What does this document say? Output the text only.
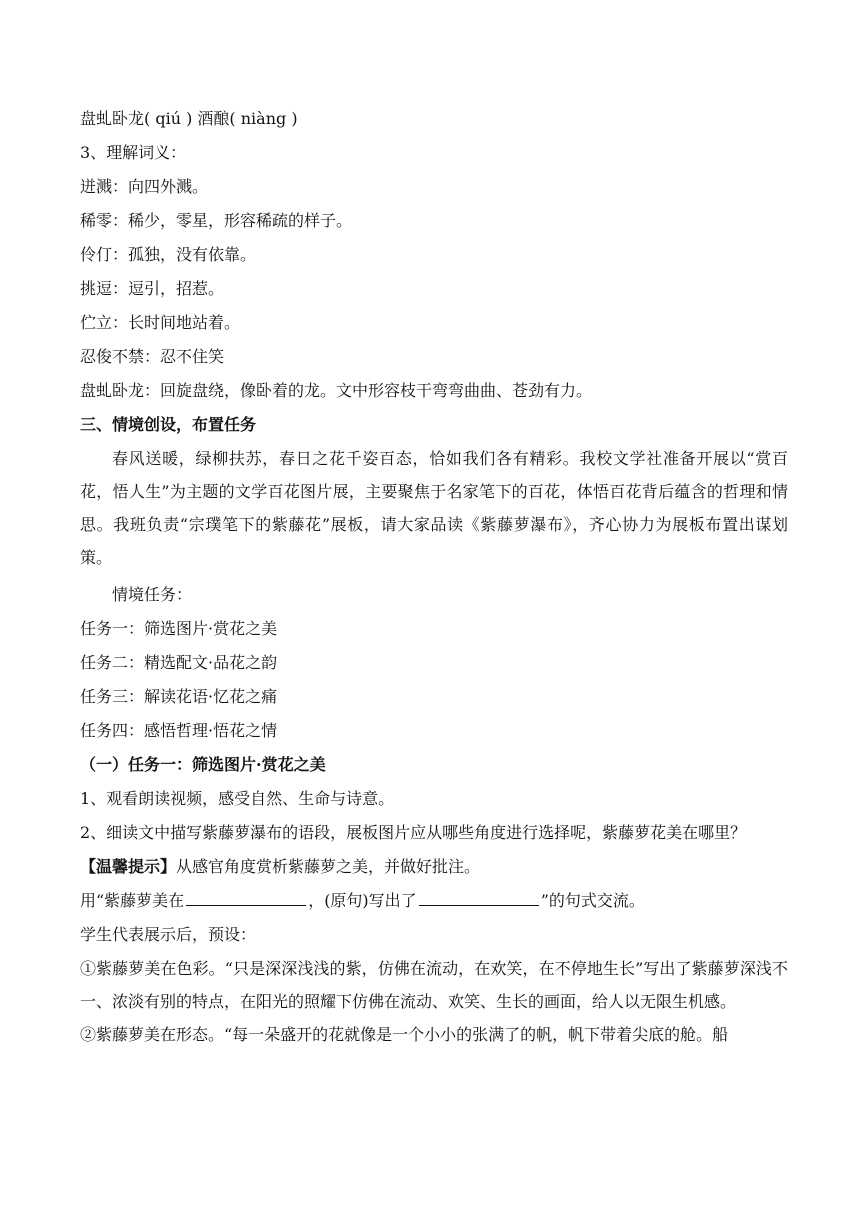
盘虬卧龙( qiú ) 酒酿( niàng )
3、理解词义：
迸溅：向四外溅。
稀零：稀少，零星，形容稀疏的样子。
伶仃：孤独，没有依靠。
挑逗：逗引，招惹。
伫立：长时间地站着。
忍俊不禁：忍不住笑
盘虬卧龙：回旋盘绕，像卧着的龙。文中形容枝干弯弯曲曲、苍劲有力。
三、情境创设，布置任务

春风送暖，绿柳扶苏，春日之花千姿百态，恰如我们各有精彩。我校文学社准备开展以“赏百花，悟人生”为主题的文学百花图片展，主要聚焦于名家笔下的百花，体悟百花背后蕴含的哲理和情思。我班负责“宗璞笔下的紫藤花”展板，请大家品读《紫藤萝瀑布》，齐心协力为展板布置出谋划策。

情境任务：
任务一：筛选图片·赏花之美
任务二：精选配文·品花之韵
任务三：解读花语·忆花之痛
任务四：感悟哲理·悟花之情
（一）任务一：筛选图片·赏花之美
1、观看朗读视频，感受自然、生命与诗意。
2、细读文中描写紫藤萝瀑布的语段，展板图片应从哪些角度进行选择呢，紫藤萝花美在哪里？
【温馨提示】从感官角度赏析紫藤萝之美，并做好批注。
用“紫藤萝美在	，(原句)写出了	”的句式交流。
学生代表展示后，预设：

①紫藤萝美在色彩。“只是深深浅浅的紫，仿佛在流动，在欢笑，在不停地生长”写出了紫藤萝深浅不一、浓淡有别的特点，在阳光的照耀下仿佛在流动、欢笑、生长的画面，给人以无限生机感。

②紫藤萝美在形态。“每一朵盛开的花就像是一个小小的张满了的帆，帆下带着尖底的舱。船
